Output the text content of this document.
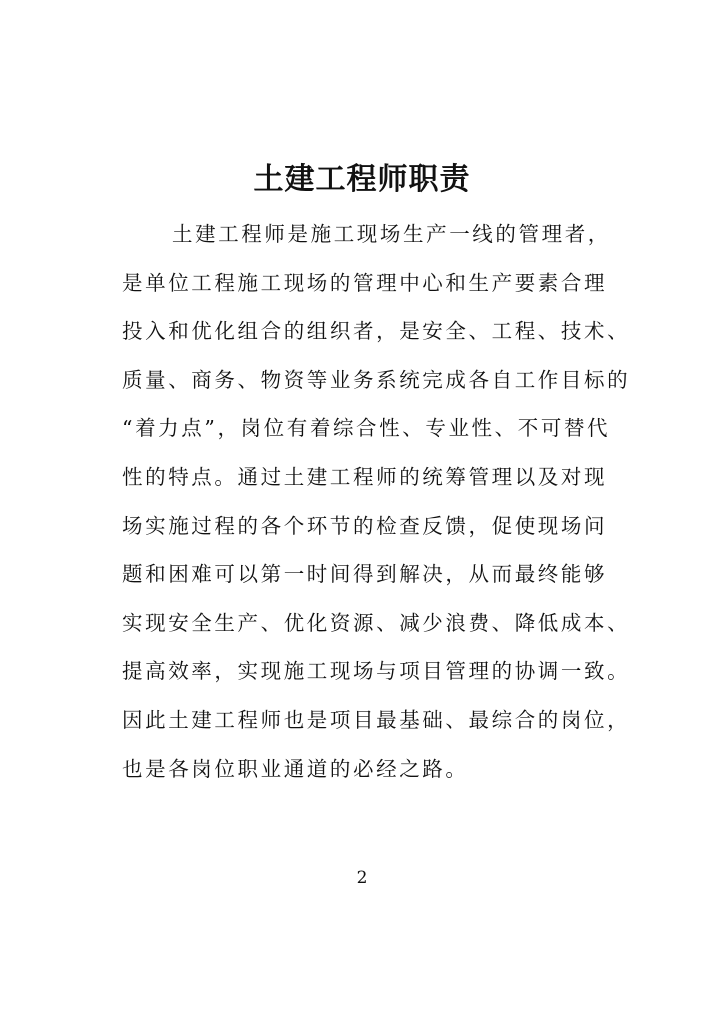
土建工程师职责
土建工程师是施工现场生产一线的管理者，
是单位工程施工现场的管理中心和生产要素合理
投入和优化组合的组织者，是安全、工程、技术、
质量、商务、物资等业务系统完成各自工作目标的
“着力点”，岗位有着综合性、专业性、不可替代
性的特点。通过土建工程师的统筹管理以及对现
场实施过程的各个环节的检查反馈，促使现场问
题和困难可以第一时间得到解决，从而最终能够
实现安全生产、优化资源、减少浪费、降低成本、
提高效率，实现施工现场与项目管理的协调一致。
因此土建工程师也是项目最基础、最综合的岗位，
也是各岗位职业通道的必经之路。
2
